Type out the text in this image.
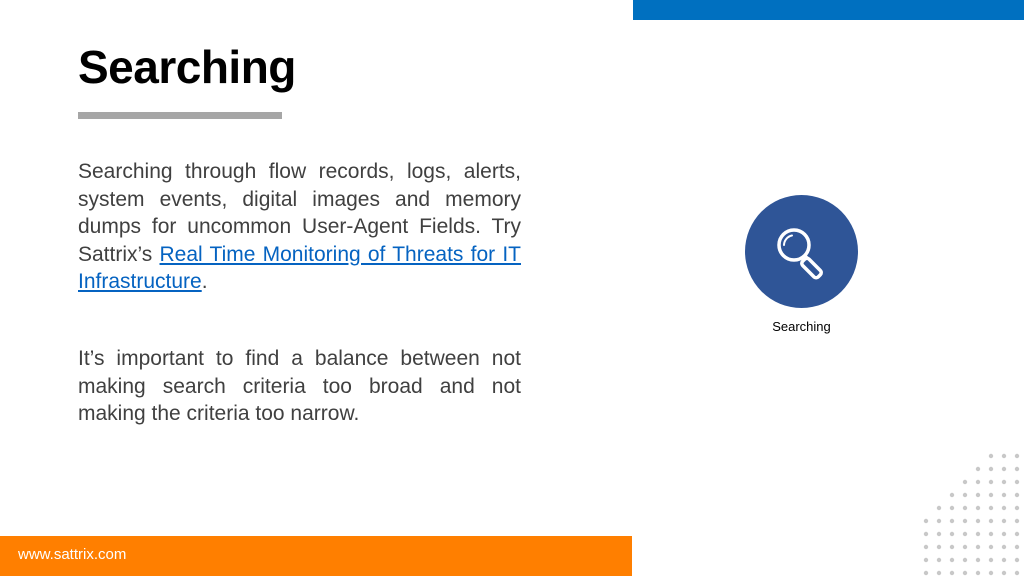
Searching

Searching through flow records, logs, alerts, system events, digital images and memory dumps for uncommon User-Agent Fields. Try Sattrix’s Real Time Monitoring of Threats for IT Infrastructure.

It’s important to find a balance between not making search criteria too broad and not making the criteria too narrow.

Searching
www.sattrix.com
